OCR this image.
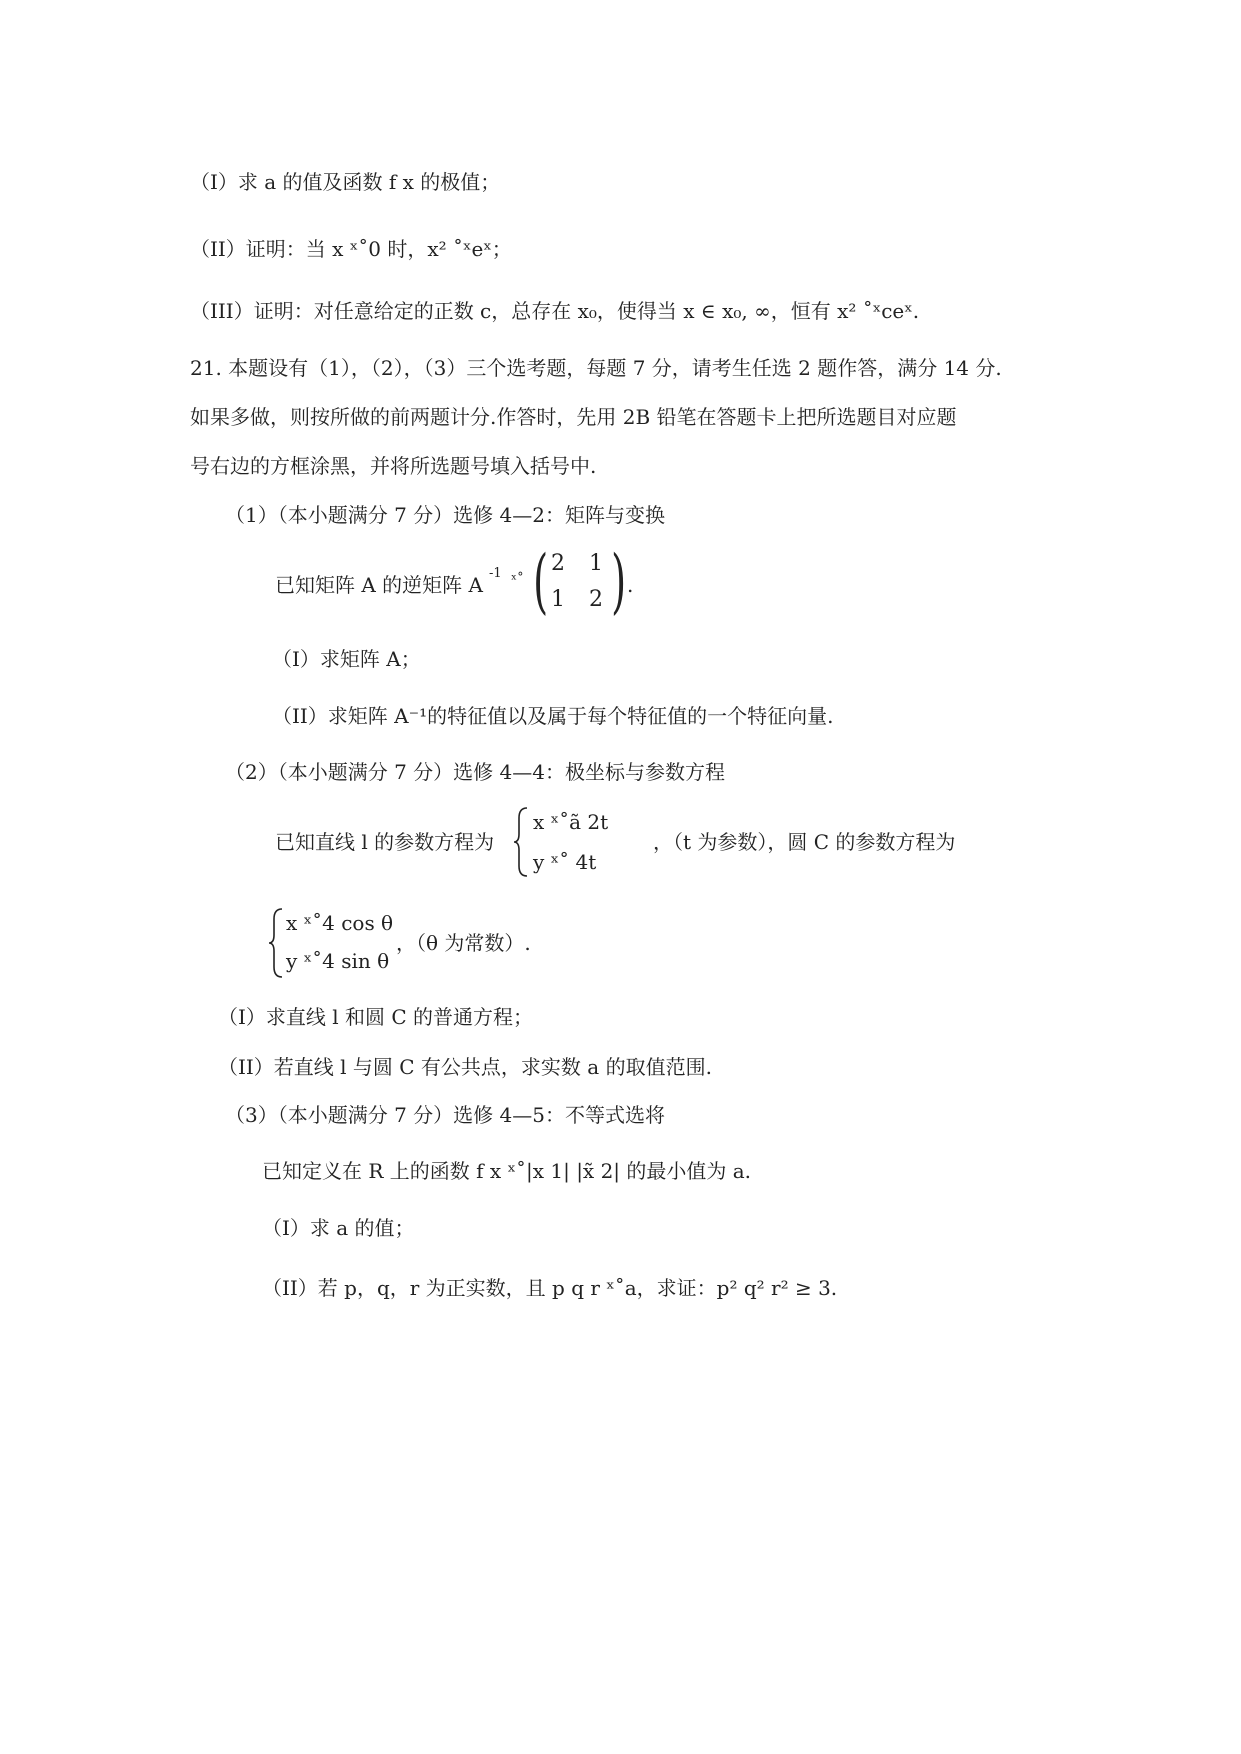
（I）求 a 的值及函数 f x 的极值；
（II）证明：当 x ˣ˚0 时，x² ˚ˣeˣ；
（III）证明：对任意给定的正数 c，总存在 x₀，使得当 x ∈ x₀, ∞，恒有 x² ˚ˣceˣ.
21. 本题设有（1），（2），（3）三个选考题，每题 7 分，请考生任选 2 题作答，满分 14 分.
如果多做，则按所做的前两题计分.作答时，先用 2B 铅笔在答题卡上把所选题目对应题
号右边的方框涂黑，并将所选题号填入括号中.
（1）（本小题满分 7 分）选修 4—2：矩阵与变换
已知矩阵 A 的逆矩阵 A -1 ˣ˚ ( 2 1
1 2 ) .
（I）求矩阵 A；
（II）求矩阵 A⁻¹的特征值以及属于每个特征值的一个特征向量.
（2）（本小题满分 7 分）选修 4—4：极坐标与参数方程
已知直线 l 的参数方程为
x ˣ˚ã 2t
y ˣ˚ 4t
，（t 为参数），圆 C 的参数方程为
x ˣ˚4 cos θ
y ˣ˚4 sin θ
，（θ 为常数）.
（I）求直线 l 和圆 C 的普通方程；
（II）若直线 l 与圆 C 有公共点，求实数 a 的取值范围.
（3）（本小题满分 7 分）选修 4—5：不等式选将
已知定义在 R 上的函数 f x ˣ˚|x 1| |x̃ 2| 的最小值为 a.
（I）求 a 的值；
（II）若 p，q，r 为正实数，且 p q r ˣ˚a，求证：p² q² r² ≥ 3.
